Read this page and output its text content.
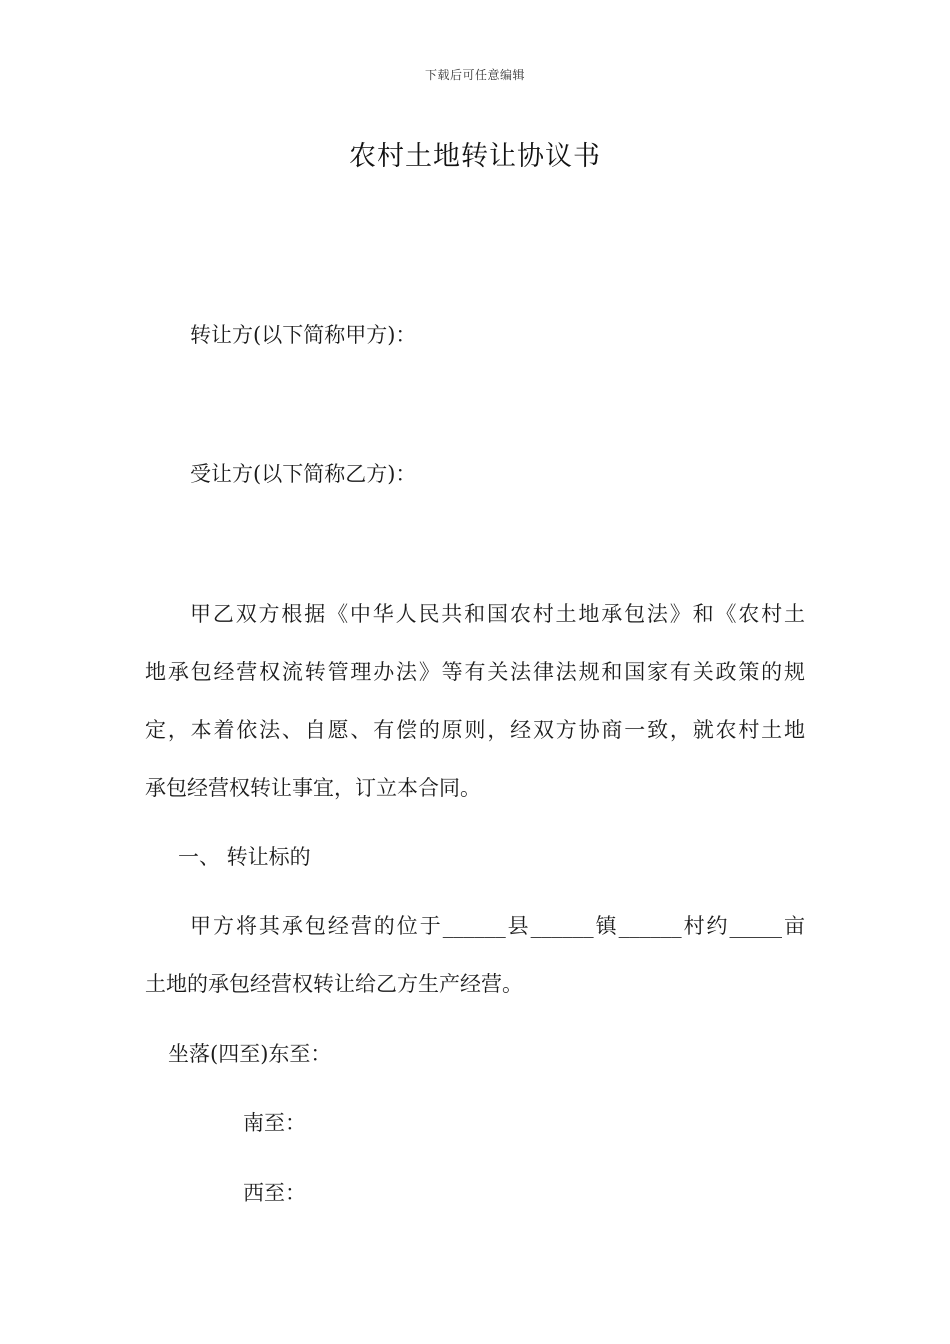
下载后可任意编辑
农村土地转让协议书
转让方(以下简称甲方)：
受让方(以下简称乙方)：
甲乙双方根据《中华人民共和国农村土地承包法》和《农村土
地承包经营权流转管理办法》等有关法律法规和国家有关政策的规
定，本着依法、自愿、有偿的原则，经双方协商一致，就农村土地
承包经营权转让事宜，订立本合同。
一、 转让标的
甲方将其承包经营的位于______县______镇______村约_____亩
土地的承包经营权转让给乙方生产经营。
坐落(四至)东至：
南至：
西至：
